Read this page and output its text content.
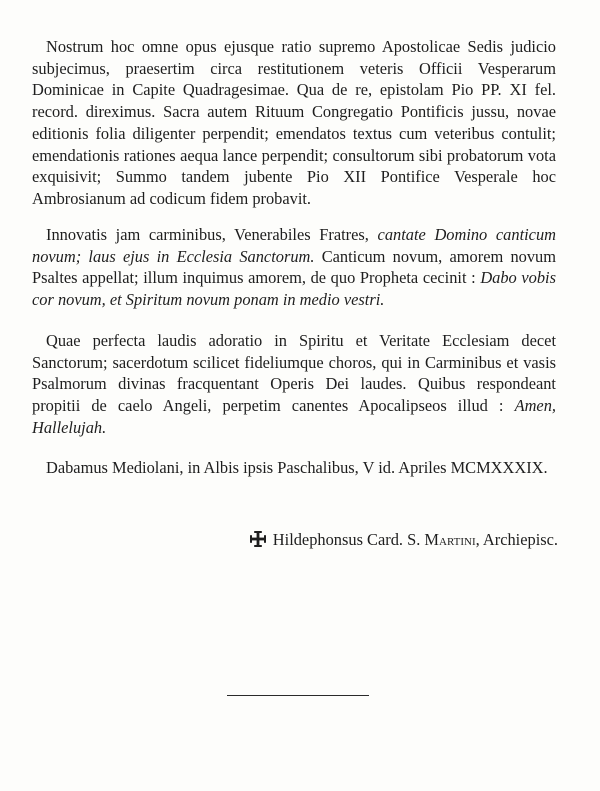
Nostrum hoc omne opus ejusque ratio supremo Apostolicae Sedis judicio subjecimus, praesertim circa restitutionem veteris Officii Vesperarum Dominicae in Capite Quadragesimae. Qua de re, epistolam Pio PP. XI fel. record. direximus. Sacra autem Rituum Congregatio Pontificis jussu, novae editionis folia diligenter perpendit; emendatos textus cum veteribus contulit; emendationis rationes aequa lance perpendit; consultorum sibi probatorum vota exquisivit; Summo tandem jubente Pio XII Pontifice Vesperale hoc Ambrosianum ad codicum fidem probavit.

Innovatis jam carminibus, Venerabiles Fratres, cantate Domino canticum novum; laus ejus in Ecclesia Sanctorum. Canticum novum, amorem novum Psaltes appellat; illum inquimus amorem, de quo Propheta cecinit : Dabo vobis cor novum, et Spiritum novum ponam in medio vestri.

Quae perfecta laudis adoratio in Spiritu et Veritate Ecclesiam decet Sanctorum; sacerdotum scilicet fideliumque choros, qui in Carminibus et vasis Psalmorum divinas fracquentant Operis Dei laudes. Quibus respondeant propitii de caelo Angeli, perpetim canentes Apocalipseos illud : Amen, Hallelujah.

Dabamus Mediolani, in Albis ipsis Paschalibus, V id. Apriles MCMXXXIX.

Hildephonsus Card. S. Martini, Archiepisc.
